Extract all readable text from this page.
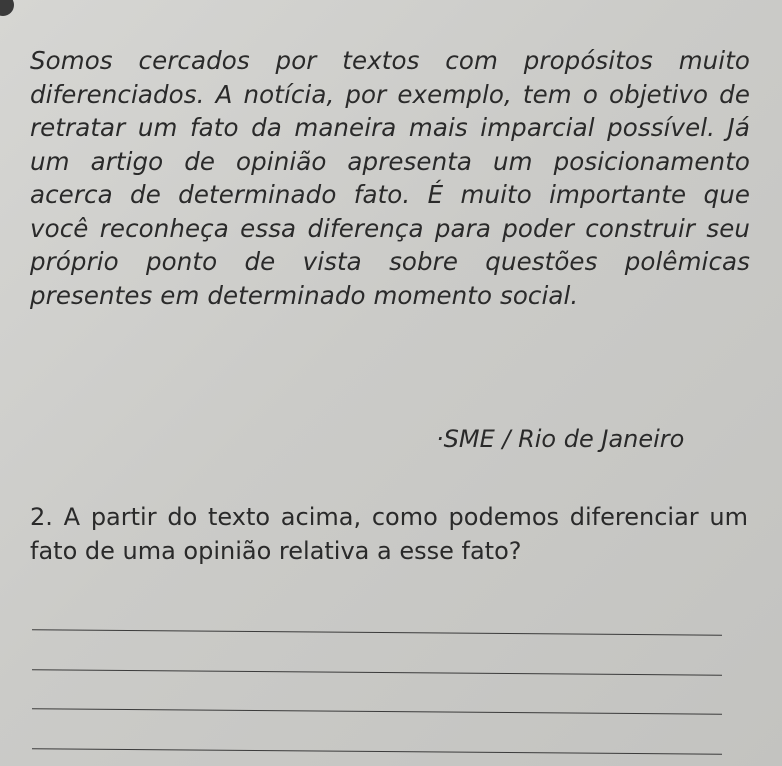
Somos cercados por textos com propósitos muito diferenciados. A notícia, por exemplo, tem o objetivo de retratar um fato da maneira mais imparcial possível. Já um artigo de opinião apresenta um posicionamento acerca de determinado fato. É muito importante que você reconheça essa diferença para poder construir seu próprio ponto de vista sobre questões polêmicas presentes em determinado momento social.

·SME / Rio de Janeiro

2. A partir do texto acima, como podemos diferenciar um fato de uma opinião relativa a esse fato?
